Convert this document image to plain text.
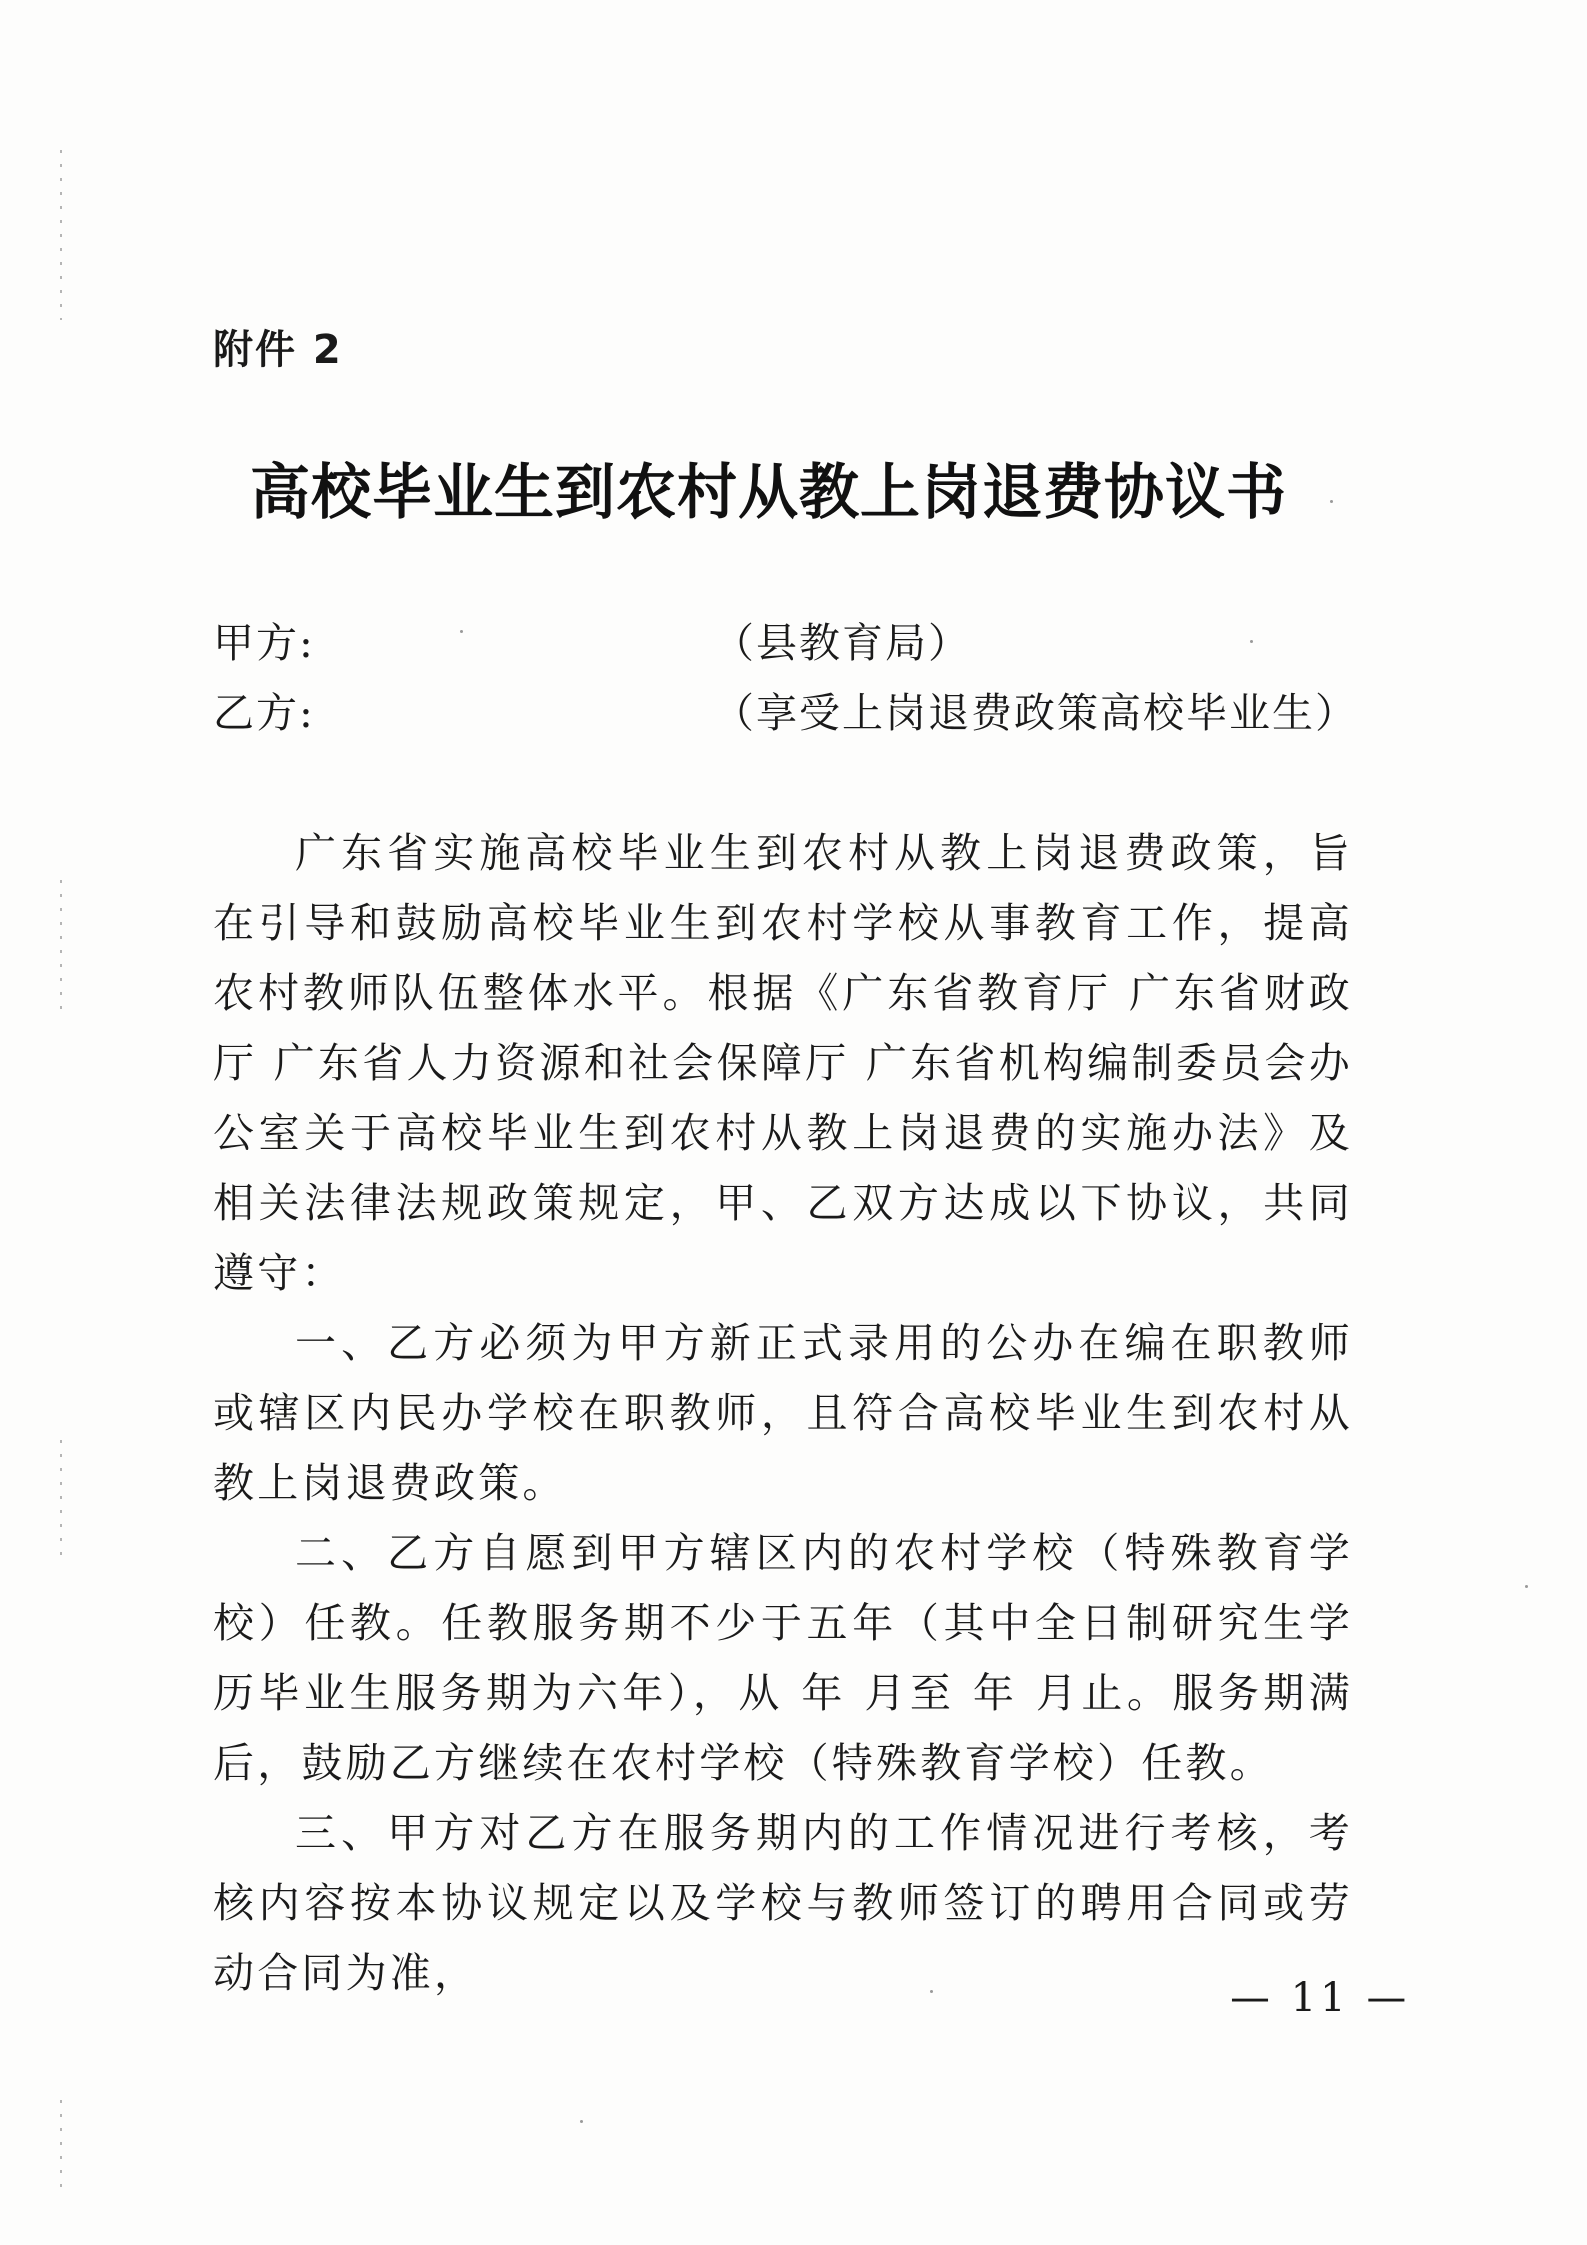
附件 2
高校毕业生到农村从教上岗退费协议书
甲方:	（县教育局）
乙方:	（享受上岗退费政策高校毕业生）

广东省实施高校毕业生到农村从教上岗退费政策，旨在引导和鼓励高校毕业生到农村学校从事教育工作，提高农村教师队伍整体水平。根据《广东省教育厅 广东省财政厅 广东省人力资源和社会保障厅 广东省机构编制委员会办公室关于高校毕业生到农村从教上岗退费的实施办法》及相关法律法规政策规定，甲、乙双方达成以下协议，共同遵守：

一、乙方必须为甲方新正式录用的公办在编在职教师或辖区内民办学校在职教师，且符合高校毕业生到农村从教上岗退费政策。

二、乙方自愿到甲方辖区内的农村学校（特殊教育学校）任教。任教服务期不少于五年（其中全日制研究生学历毕业生服务期为六年），从 年 月至 年 月止。服务期满后，鼓励乙方继续在农村学校（特殊教育学校）任教。

三、甲方对乙方在服务期内的工作情况进行考核，考核内容按本协议规定以及学校与教师签订的聘用合同或劳动合同为准，

— 11 —
